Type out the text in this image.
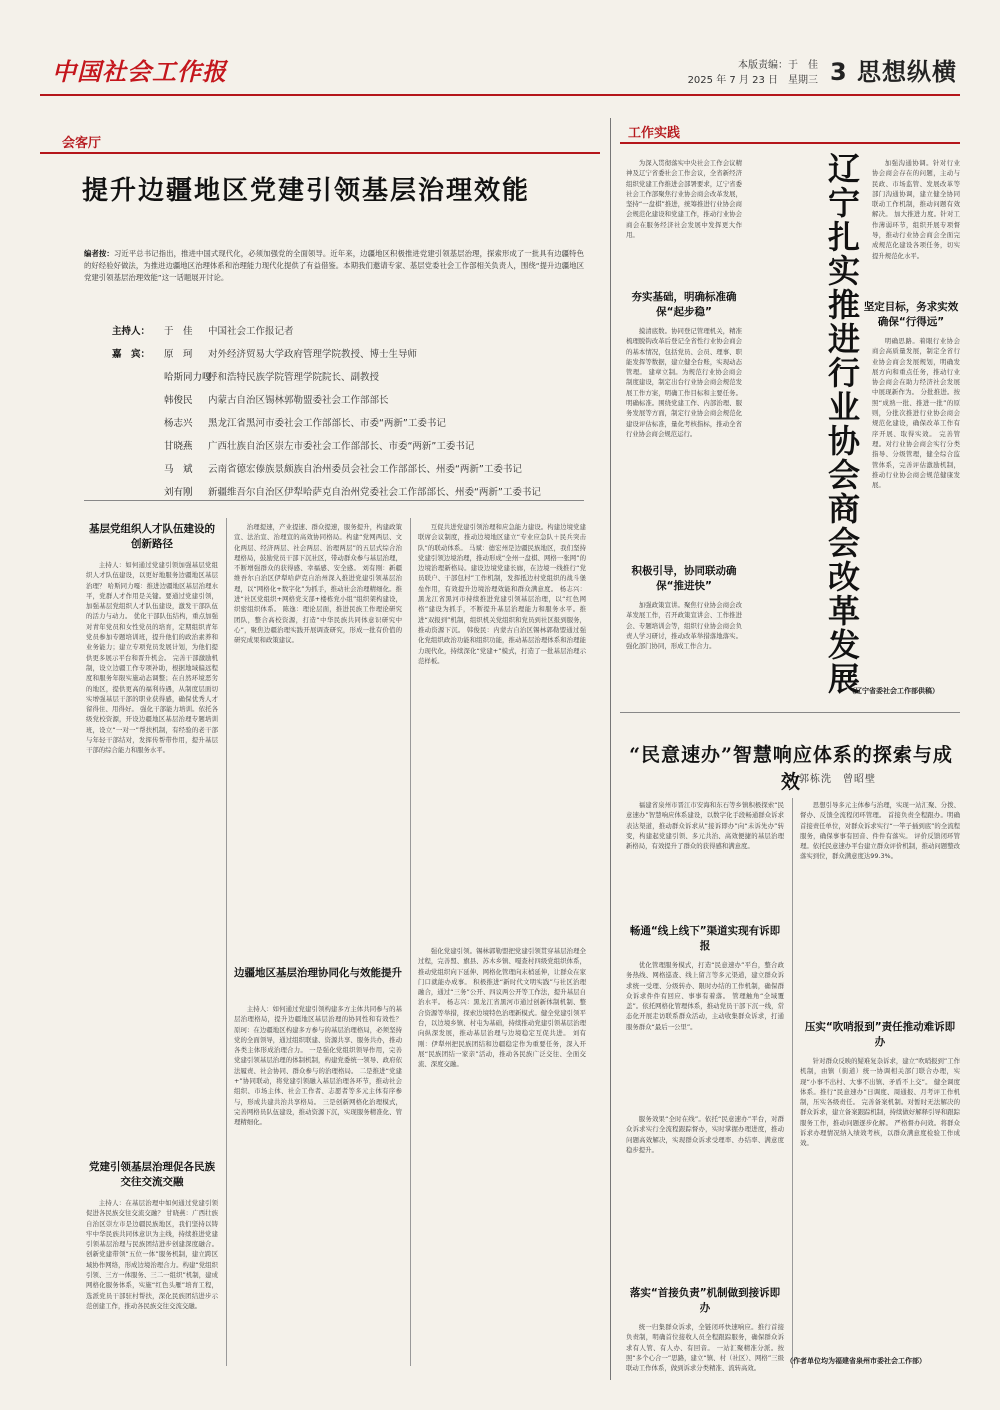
中国社会工作报	本版责编：于　佳
2025 年 7 月 23 日　星期三 3 思想纵横
会客厅
提升边疆地区党建引领基层治理效能
编者按：习近平总书记指出，推进中国式现代化，必须加强党的全面领导。近年来，边疆地区积极推进党建引领基层治理，探索形成了一批具有边疆特色的好经验好做法，为推进边疆地区治理体系和治理能力现代化提供了有益借鉴。本期我们邀请专家、基层党委社会工作部相关负责人，围绕“提升边疆地区党建引领基层治理效能”这一话题展开讨论。
主持人： 于　佳 中国社会工作报记者
嘉　宾： 原　珂 对外经济贸易大学政府管理学院教授、博士生导师
哈斯同力嘎呼和浩特民族学院管理学院院长、副教授
韩俊民 内蒙古自治区锡林郭勒盟委社会工作部部长
杨志兴 黑龙江省黑河市委社会工作部部长、市委“两新”工委书记
甘晓燕 广西壮族自治区崇左市委社会工作部部长、市委“两新”工委书记
马　斌 云南省德宏傣族景颇族自治州委员会社会工作部部长、州委“两新”工委书记
刘有刚 新疆维吾尔自治区伊犁哈萨克自治州党委社会工作部部长、州委“两新”工委书记
基层党组织人才队伍建设的创新路径

主持人：如何通过党建引领加强基层党组织人才队伍建设，以更好地服务边疆地区基层治理？ 哈斯同力嘎：推进边疆地区基层治理水平，党群人才作用是关键。要通过党建引领，加强基层党组织人才队伍建设，激发干部队伍的活力与动力。 优化干部队伍结构，重点加强对青年党员和女性党员的培育，定期组织青年党员参加专题培训班，提升他们的政治素养和业务能力；建立专项党员发展计划，为他们提供更多展示平台和晋升机会。 完善干部激励机制，设立边疆工作专项补助，根据地域偏远程度和服务年限实施动态调整；在自然环境恶劣的地区，提供更高的福利待遇，从制度层面切实增强基层干部的职业获得感，确保优秀人才留得住、用得好。 强化干部能力培训。依托各级党校资源，开设边疆地区基层治理专题培训班，设立“一对一”帮扶机制，有经验的老干部与年轻干部结对，发挥传帮带作用，提升基层干部的综合能力和服务水平。

党建引领基层治理促各民族交往交流交融

主持人：在基层治理中如何通过党建引领促进各民族交往交流交融？ 甘晓燕：广西壮族自治区崇左市是边疆民族地区，我们坚持以铸牢中华民族共同体意识为主线，持续推进党建引领基层治理与民族团结进步创建深度融合。 创新党建带领“五位一体”服务机制，建立跨区域协作网络，形成边境治理合力。构建“党组织引领、三方一体服务、三二一组织”机制，建成网格化服务体系，实施“红色头雁”培育工程，选派党员干部驻村帮扶，深化民族团结进步示范创建工作，推动各民族交往交流交融。

治理提速，产业提速、群众提速，服务提升，构建政策宣、法治宣、治理宣的高效协同格局。构建“党网两层、文化两层、经济两层、社会两层、治理两层”的五层式综合治理格局，鼓励党员干部下沉社区，带动群众参与基层治理，不断增强群众的获得感、幸福感、安全感。 刘有刚：新疆维吾尔自治区伊犁哈萨克自治州深入推进党建引领基层治理，以“网格化+数字化”为抓手，推动社会治理精细化。推进“社区党组织+网格党支部+楼栋党小组”组织架构建设，织密组织体系。 陈逸：理论层面，推进民族工作理论研究团队，整合高校资源，打造“中华民族共同体意识研究中心”，聚焦边疆治理实践开展调查研究，形成一批有价值的研究成果和政策建议。

边疆地区基层治理协同化与效能提升

主持人：如何通过党建引领构建多方主体共同参与的基层治理格局，提升边疆地区基层治理的协同性和有效性？ 原珂：在边疆地区构建多方参与的基层治理格局，必须坚持党的全面领导，通过组织联建、资源共享、服务共办，推动各类主体形成治理合力。 一是强化党组织领导作用，完善党建引领基层治理的体制机制，构建党委统一领导、政府依法履责、社会协同、群众参与的治理格局。 二是推进“党建+”协同联动，将党建引领融入基层治理各环节，推动社会组织、市场主体、社会工作者、志愿者等多元主体有序参与，形成共建共治共享格局。 三是创新网格化治理模式，完善网格员队伍建设，推动资源下沉，实现服务精准化、管理精细化。

互促共进党建引领治理和应急能力建设。构建边境党建联席会议制度，推动边境地区建立“专业应急队＋民兵突击队”的联动体系。 马斌：德宏州是边疆民族地区，我们坚持党建引领边境治理，推动形成“全州一盘棋、网格一张网”的边境治理新格局。建设边境党建长廊，在边境一线推行“党员联户、干部包村”工作机制，发挥抵边村党组织的战斗堡垒作用，有效提升边境治理效能和群众满意度。 杨志兴：黑龙江省黑河市持续推进党建引领基层治理，以“红色网格”建设为抓手，不断提升基层治理能力和服务水平。推进“双报到”机制，组织机关党组织和党员到社区报到服务，推动资源下沉。 韩俊民：内蒙古自治区锡林郭勒盟通过强化党组织政治功能和组织功能，推动基层治理体系和治理能力现代化，持续深化“党建+”模式，打造了一批基层治理示范样板。

强化党建引领。锡林郭勒盟把党建引领贯穿基层治理全过程，完善盟、旗县、苏木乡镇、嘎查村四级党组织体系，推动党组织向下延伸、网格化管理向末梢延伸，让群众在家门口就能办成事。 积极推进“新时代文明实践”与社区治理融合，通过“三务”公开、四议两公开等工作法，提升基层自治水平。 杨志兴：黑龙江省黑河市通过创新体制机制、整合资源等举措，探索边境特色治理新模式。健全党建引领平台，以边境乡镇、村屯为基础，持续推动党建引领基层治理向纵深发展，推动基层治理与边境稳定互促共进。 刘有刚：伊犁州把民族团结和边疆稳定作为重要任务，深入开展“民族团结一家亲”活动，推动各民族广泛交往、全面交流、深度交融。

工作实践
辽宁扎实推进行业协会商会改革发展

为深入贯彻落实中央社会工作会议精神及辽宁省委社会工作会议，全省新经济组织党建工作推进会部署要求，辽宁省委社会工作部聚焦行业协会商会改革发展，坚持“一盘棋”推进，统筹推进行业协会商会规范化建设和党建工作，推动行业协会商会在服务经济社会发展中发挥更大作用。

夯实基础，明确标准确保“起步稳”

摸清底数。协同登记管理机关，精准梳理脱钩改革后登记全省性行业协会商会的基本情况，包括党员、会员、理事、职能发挥等数据，建立健全台账，实现动态管理。 建章立制。为规范行业协会商会制度建设，制定出台行业协会商会规范发展工作方案，明确工作目标和主要任务。 明确标准。围绕党建工作、内部治理、服务发展等方面，制定行业协会商会规范化建设评估标准，量化考核指标，推动全省行业协会商会规范运行。

积极引导，协同联动确保“推进快”

加强政策宣讲。聚焦行业协会商会改革发展工作，召开政策宣讲会、工作推进会、专题培训会等，组织行业协会商会负责人学习研讨，推动改革举措落地落实。强化部门协同，形成工作合力。

加强沟通协调。针对行业协会商会存在的问题，主动与民政、市场监管、发展改革等部门沟通协调，建立健全协同联动工作机制，推动问题有效解决。 加大推进力度。针对工作薄弱环节，组织开展专项督导，推动行业协会商会全面完成规范化建设各项任务，切实提升规范化水平。

坚定目标，务求实效确保“行得远”

明确思路。着眼行业协会商会高质量发展，制定全省行业协会商会发展规划，明确发展方向和重点任务，推动行业协会商会在助力经济社会发展中展现新作为。 分批推进。按照“成熟一批、推进一批”的原则，分批次推进行业协会商会规范化建设，确保改革工作有序开展、取得实效。 完善管理。对行业协会商会实行分类指导、分级管理，健全综合监管体系，完善评估激励机制，推动行业协会商会规范健康发展。

（辽宁省委社会工作部供稿）
“民意速办”智慧响应体系的探索与成效
郭栋洗　曾昭壁

福建省泉州市晋江市安海和东石等乡镇积极探索“民意速办”智慧响应体系建设，以数字化手段畅通群众诉求表达渠道，推动群众诉求从“接诉即办”向“未诉先办”转变，构建起党建引领、多元共治、高效便捷的基层治理新格局，有效提升了群众的获得感和满意度。

畅通“线上线下”渠道实现有诉即报

优化管理服务模式，打造“民意速办”平台，整合政务热线、网格巡查、线上留言等多元渠道，建立群众诉求统一受理、分级转办、限时办结的工作机制，确保群众诉求件件有回应、事事有着落。 管理触角“全域覆盖”。依托网格化管理体系，推动党员干部下沉一线，常态化开展走访联系群众活动，主动收集群众诉求，打通服务群众“最后一公里”。

服务效果“全时在线”。依托“民意速办”平台，对群众诉求实行全流程跟踪督办，实时掌握办理进度，推动问题高效解决，实现群众诉求受理率、办结率、满意度稳步提升。

落实“首接负责”机制做到接诉即办

统一归集群众诉求，全链闭环快速响应。推行首接负责制，明确首位接收人员全程跟踪服务，确保群众诉求有人管、有人办、有回音。 一站汇聚精准分派。按照“多个心合一”思路，建立“镇、村（社区）、网格”三级联动工作体系，做到诉求分类精准、流转高效。

思想引导多元主体参与治理，实现一站汇聚、分拨、督办、反馈全流程闭环管理。 首接负责全程跟办。明确首接责任单位，对群众诉求实行“一竿子插到底”的全流程服务，确保事事有回音、件件有落实。 评价反馈闭环管理。依托民意速办平台建立群众评价机制，推动问题整改落实到位，群众满意度达99.3%。

压实“吹哨报到”责任推动难诉即办

针对群众反映的疑难复杂诉求，建立“吹哨报到”工作机制，由镇（街道）统一协调相关部门联合办理，实现“小事不出村、大事不出镇、矛盾不上交”。 健全调度体系。推行“民意速办”日调度、周通报、月考评工作机制，压实各级责任。 完善备案机制。对暂时无法解决的群众诉求，建立备案跟踪机制，持续做好解释引导和跟踪服务工作，推动问题逐步化解。 严格督办问效。将群众诉求办理情况纳入绩效考核，以群众满意度检验工作成效。

（作者单位均为福建省泉州市委社会工作部）
